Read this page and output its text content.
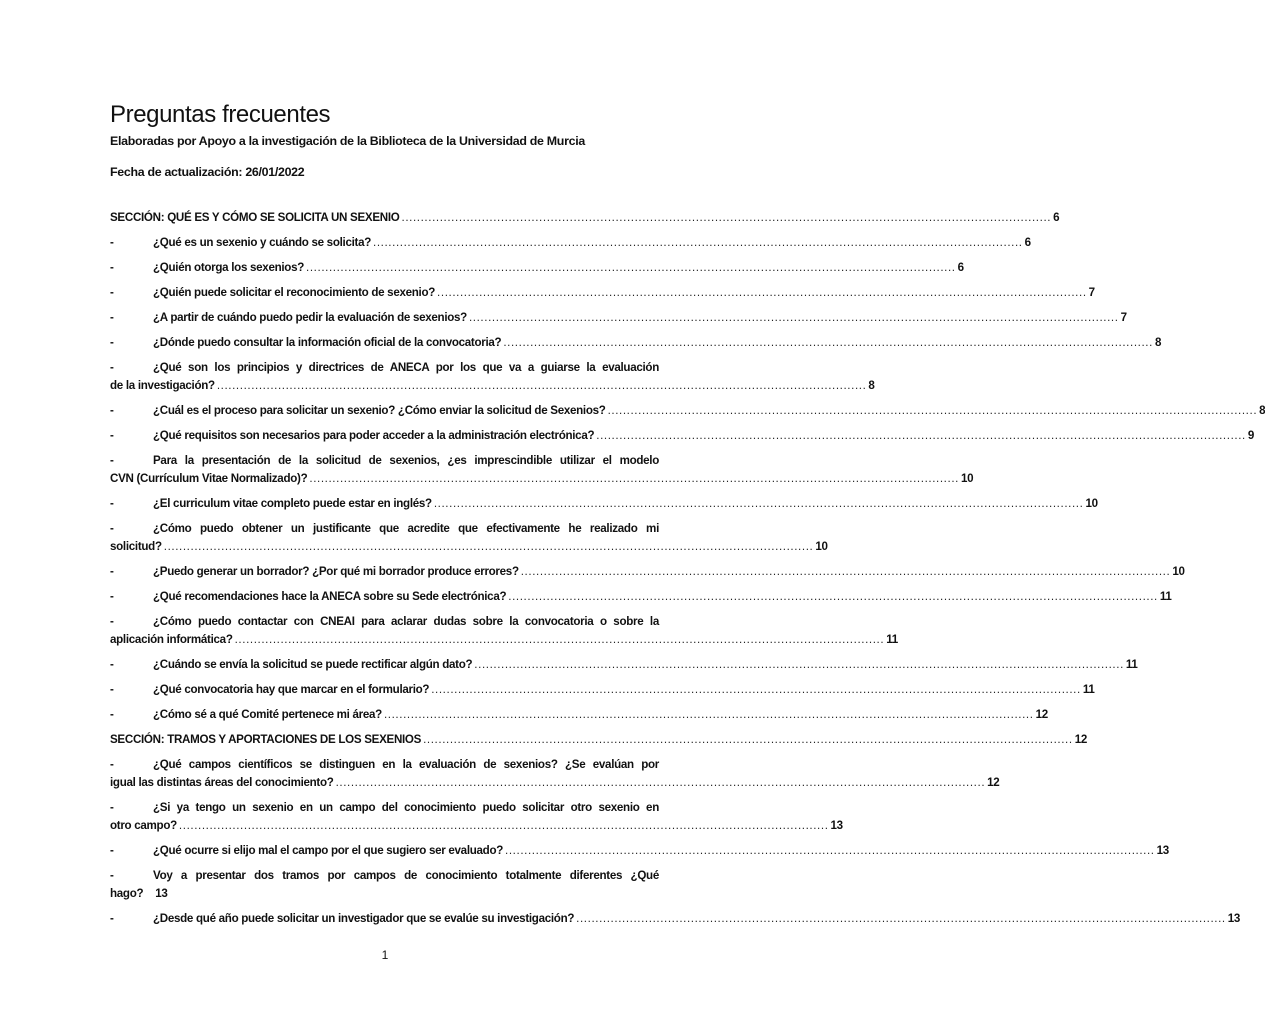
Preguntas frecuentes
Elaboradas por Apoyo a la investigación de la Biblioteca de la Universidad de Murcia
Fecha de actualización: 26/01/2022
SECCIÓN: QUÉ ES Y CÓMO SE SOLICITA UN SEXENIO .......................................................................................................................................................................... 6
-	¿Qué es un sexenio y cuándo se solicita? .......................................................................................................................................................................... 6
-	¿Quién otorga los sexenios? .......................................................................................................................................................................... 6
-	¿Quién puede solicitar el reconocimiento de sexenio? .......................................................................................................................................................................... 7
-	¿A partir de cuándo puedo pedir la evaluación de sexenios? .......................................................................................................................................................................... 7
-	¿Dónde puedo consultar la información oficial de la convocatoria? .......................................................................................................................................................................... 8
-	¿Qué son los principios y directrices de ANECA por los que va a guiarse la evaluación
de la investigación? .......................................................................................................................................................................... 8
-	¿Cuál es el proceso para solicitar un sexenio? ¿Cómo enviar la solicitud de Sexenios? .......................................................................................................................................................................... 8
-	¿Qué requisitos son necesarios para poder acceder a la administración electrónica? .......................................................................................................................................................................... 9
-	Para la presentación de la solicitud de sexenios, ¿es imprescindible utilizar el modelo
CVN (Currículum Vitae Normalizado)? .......................................................................................................................................................................... 10
-	¿El curriculum vitae completo puede estar en inglés? .......................................................................................................................................................................... 10
-	¿Cómo puedo obtener un justificante que acredite que efectivamente he realizado mi
solicitud? .......................................................................................................................................................................... 10
-	¿Puedo generar un borrador? ¿Por qué mi borrador produce errores? .......................................................................................................................................................................... 10
-	¿Qué recomendaciones hace la ANECA sobre su Sede electrónica? .......................................................................................................................................................................... 11
-	¿Cómo puedo contactar con CNEAI para aclarar dudas sobre la convocatoria o sobre la
aplicación informática? .......................................................................................................................................................................... 11
-	¿Cuándo se envía la solicitud se puede rectificar algún dato? .......................................................................................................................................................................... 11
-	¿Qué convocatoria hay que marcar en el formulario? .......................................................................................................................................................................... 11
-	¿Cómo sé a qué Comité pertenece mi área? .......................................................................................................................................................................... 12
SECCIÓN: TRAMOS Y APORTACIONES DE LOS SEXENIOS .......................................................................................................................................................................... 12
-	¿Qué campos científicos se distinguen en la evaluación de sexenios? ¿Se evalúan por
igual las distintas áreas del conocimiento? .......................................................................................................................................................................... 12
-	¿Si ya tengo un sexenio en un campo del conocimiento puedo solicitar otro sexenio en
otro campo? .......................................................................................................................................................................... 13
-	¿Qué ocurre si elijo mal el campo por el que sugiero ser evaluado? .......................................................................................................................................................................... 13
-	Voy a presentar dos tramos por campos de conocimiento totalmente diferentes ¿Qué
hago? 13
-	¿Desde qué año puede solicitar un investigador que se evalúe su investigación? .......................................................................................................................................................................... 13
1
